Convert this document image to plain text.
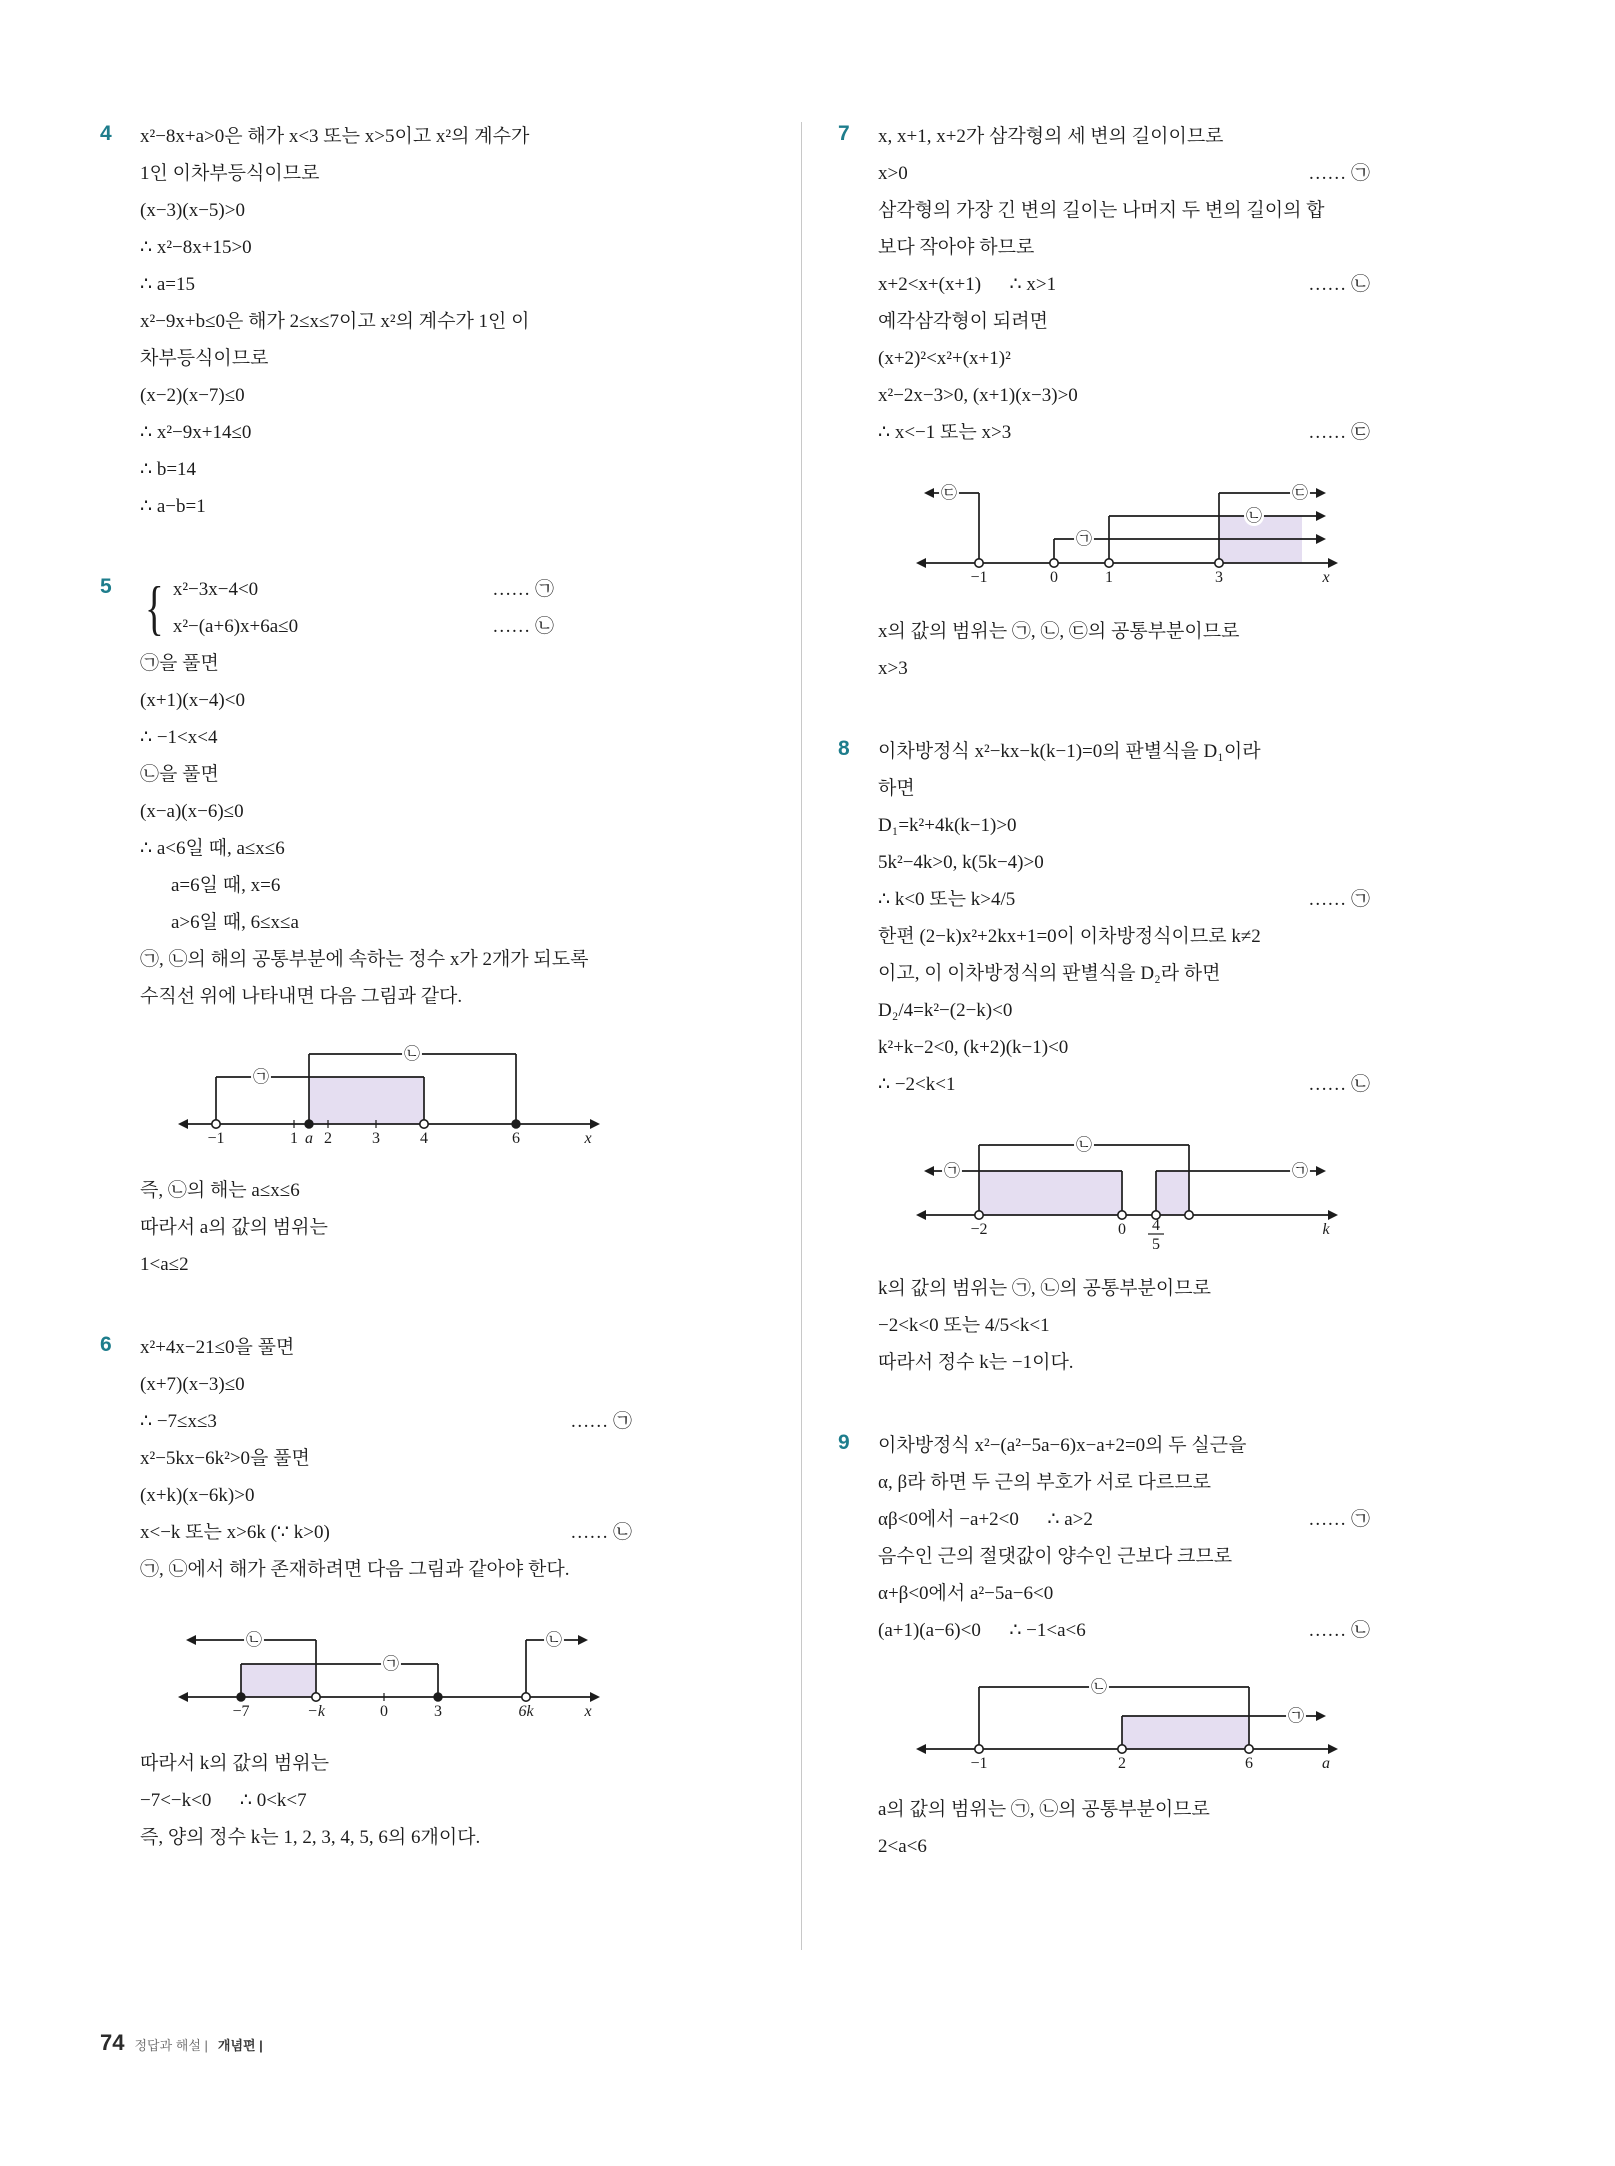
4	x²−8x+a>0은 해가 x<3 또는 x>5이고 x²의 계수가
1인 이차부등식이므로
(x−3)(x−5)>0
∴ x²−8x+15>0
∴ a=15
x²−9x+b≤0은 해가 2≤x≤7이고 x²의 계수가 1인 이
차부등식이므로
(x−2)(x−7)≤0
∴ x²−9x+14≤0
∴ b=14
∴ a−b=1
5 { x²−3x−4<0	…… ㉠
x²−(a+6)x+6a≤0	…… ㉡
㉠을 풀면
(x+1)(x−4)<0
∴ −1<x<4
㉡을 풀면
(x−a)(x−6)≤0
∴ a<6일 때, a≤x≤6
a=6일 때, x=6
a>6일 때, 6≤x≤a
㉠, ㉡의 해의 공통부분에 속하는 정수 x가 2개가 되도록
수직선 위에 나타내면 다음 그림과 같다.
㉠
㉡
−1	1 a 2	3	4	6	x
즉, ㉡의 해는 a≤x≤6
따라서 a의 값의 범위는
1<a≤2
6	x²+4x−21≤0을 풀면
(x+7)(x−3)≤0
∴ −7≤x≤3	…… ㉠
x²−5kx−6k²>0을 풀면
(x+k)(x−6k)>0
x<−k 또는 x>6k (∵ k>0)	…… ㉡
㉠, ㉡에서 해가 존재하려면 다음 그림과 같아야 한다.
㉡
㉠
㉡
−7	−k	0	3	6k	x
따라서 k의 값의 범위는
−7<−k<0      ∴ 0<k<7
즉, 양의 정수 k는 1, 2, 3, 4, 5, 6의 6개이다.
7	x, x+1, x+2가 삼각형의 세 변의 길이이므로
x>0	…… ㉠
삼각형의 가장 긴 변의 길이는 나머지 두 변의 길이의 합
보다 작아야 하므로
x+2<x+(x+1)      ∴ x>1	…… ㉡
예각삼각형이 되려면
(x+2)²<x²+(x+1)²
x²−2x−3>0, (x+1)(x−3)>0
∴ x<−1 또는 x>3	…… ㉢
㉢
㉠
㉡
㉢
−1	0	1	3	x
x의 값의 범위는 ㉠, ㉡, ㉢의 공통부분이므로
x>3
8	이차방정식 x²−kx−k(k−1)=0의 판별식을 D₁이라
하면
D₁=k²+4k(k−1)>0
5k²−4k>0, k(5k−4)>0
∴ k<0 또는 k>4/5	…… ㉠
한편 (2−k)x²+2kx+1=0이 이차방정식이므로 k≠2
이고, 이 이차방정식의 판별식을 D₂라 하면
D₂/4=k²−(2−k)<0
k²+k−2<0, (k+2)(k−1)<0
∴ −2<k<1	…… ㉡
㉠
㉡
㉠
−2	0 4
5
k
k의 값의 범위는 ㉠, ㉡의 공통부분이므로
−2<k<0 또는 4/5<k<1
따라서 정수 k는 −1이다.
9	이차방정식 x²−(a²−5a−6)x−a+2=0의 두 실근을
α, β라 하면 두 근의 부호가 서로 다르므로
αβ<0에서 −a+2<0      ∴ a>2	…… ㉠
음수인 근의 절댓값이 양수인 근보다 크므로
α+β<0에서 a²−5a−6<0
(a+1)(a−6)<0      ∴ −1<a<6	…… ㉡
㉡
㉠
−1	2	6	a
a의 값의 범위는 ㉠, ㉡의 공통부분이므로
2<a<6
74 정답과 해설 | 개념편 |
